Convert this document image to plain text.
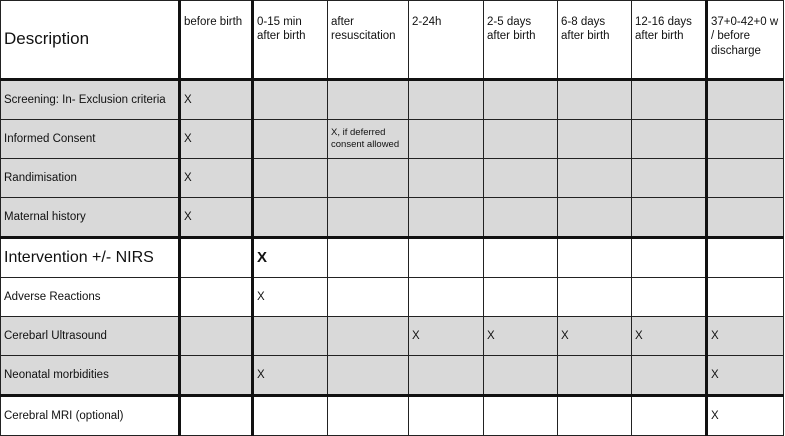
Description	before birth	0-15 min after birth	after resuscitation	2-24h	2-5 days after birth	6-8 days after birth	12-16 days after birth	37+0-42+0 w / before discharge
Screening: In- Exclusion criteria	X							
Informed Consent	X		X, if deferred consent allowed					
Randimisation	X							
Maternal history	X							
Intervention +/- NIRS		X						
Adverse Reactions		X						
Cerebarl Ultrasound				X	X	X	X	X
Neonatal morbidities		X						X
Cerebral MRI (optional)								X
